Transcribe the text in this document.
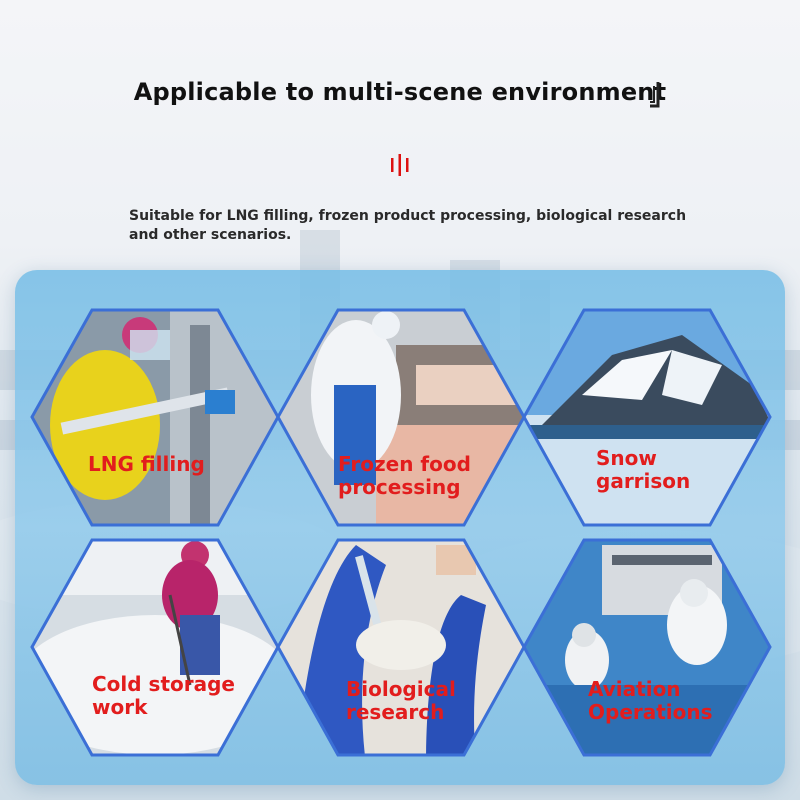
Applicable to multi-scene environment
Suitable for LNG filling, frozen product processing, biological research
and other scenarios.
LNG filling	Frozen food
processing
Snow
garrison
Cold storage
work
Biological
research
Aviation
Operations
